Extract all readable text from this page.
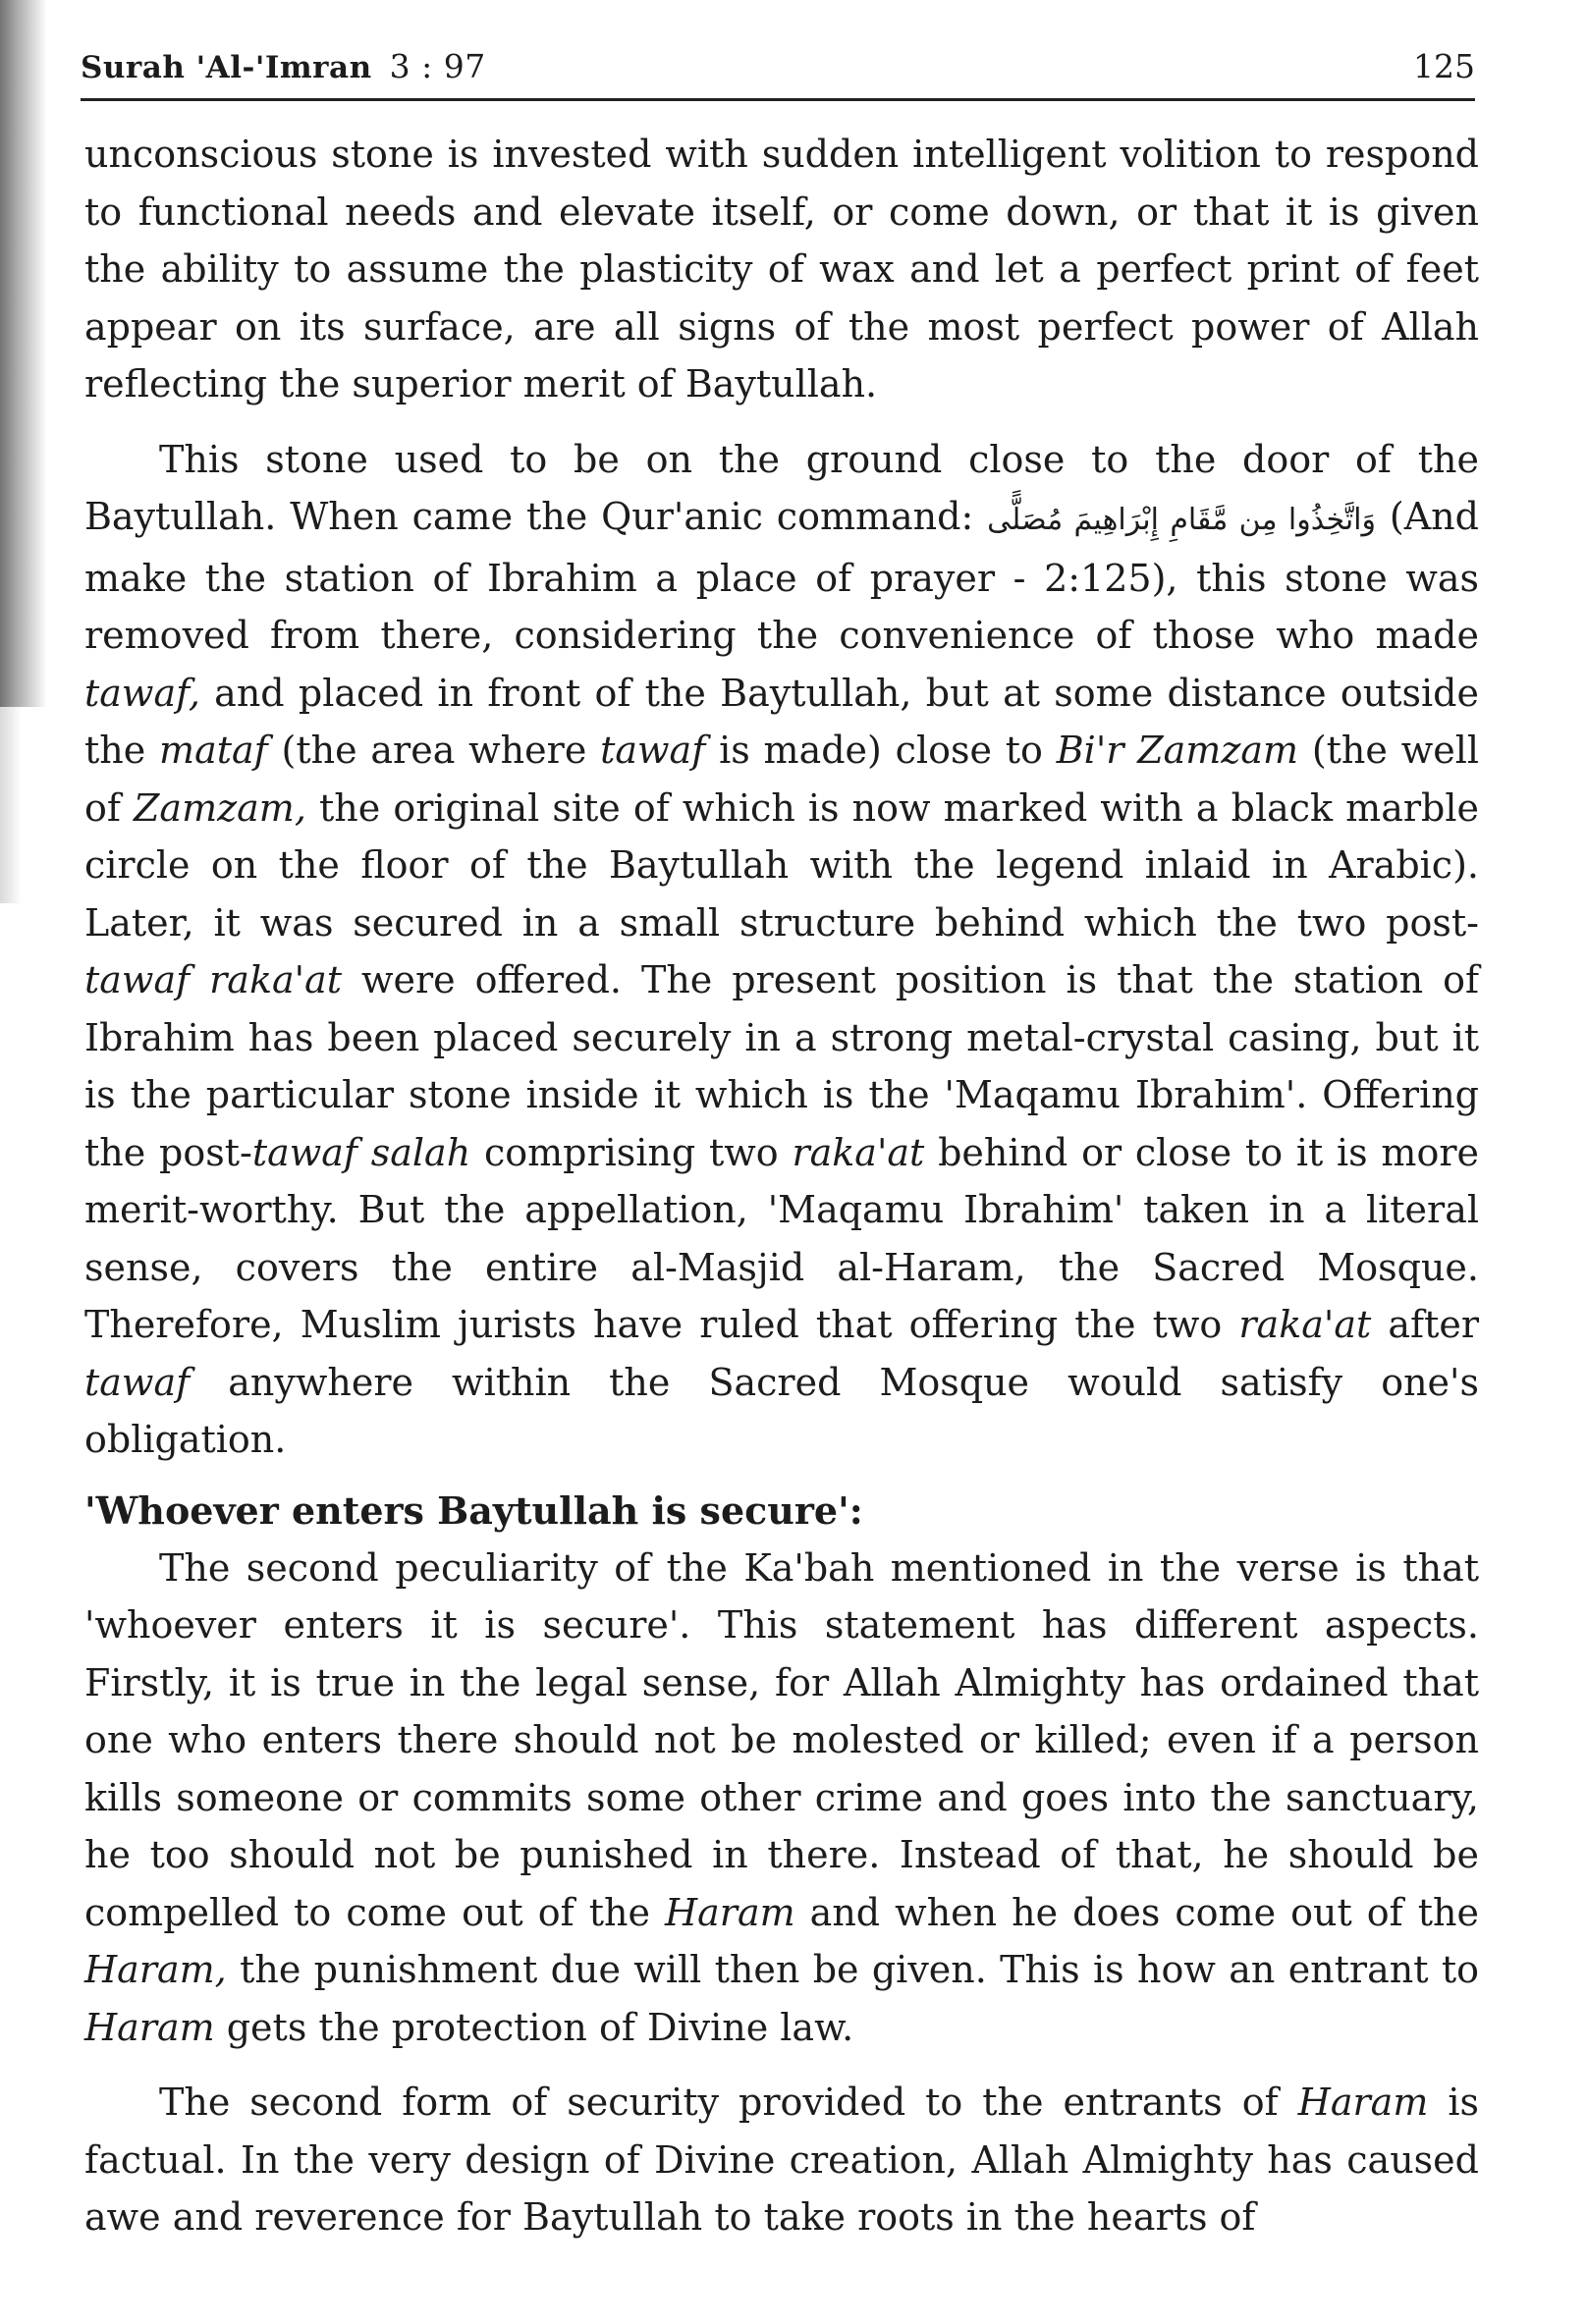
Surah 'Al-'Imran 3 : 97	125

unconscious stone is invested with sudden intelligent volition to respond to functional needs and elevate itself, or come down, or that it is given the ability to assume the plasticity of wax and let a perfect print of feet appear on its surface, are all signs of the most perfect power of Allah reflecting the superior merit of Baytullah.

This stone used to be on the ground close to the door of the Baytullah. When came the Qur'anic command: وَاتَّخِذُوا مِن مَّقَامِ إِبْرَاهِيمَ مُصَلًّى (And make the station of Ibrahim a place of prayer - 2:125), this stone was removed from there, considering the convenience of those who made tawaf, and placed in front of the Baytullah, but at some distance outside the mataf (the area where tawaf is made) close to Bi'r Zamzam (the well of Zamzam, the original site of which is now marked with a black marble circle on the floor of the Baytullah with the legend inlaid in Arabic). Later, it was secured in a small structure behind which the two post-tawaf raka'at were offered. The present position is that the station of Ibrahim has been placed securely in a strong metal-crystal casing, but it is the particular stone inside it which is the 'Maqamu Ibrahim'. Offering the post-tawaf salah comprising two raka'at behind or close to it is more merit-worthy. But the appellation, 'Maqamu Ibrahim' taken in a literal sense, covers the entire al-Masjid al-Haram, the Sacred Mosque. Therefore, Muslim jurists have ruled that offering the two raka'at after tawaf anywhere within the Sacred Mosque would satisfy one's obligation.

'Whoever enters Baytullah is secure':

The second peculiarity of the Ka'bah mentioned in the verse is that 'whoever enters it is secure'. This statement has different aspects. Firstly, it is true in the legal sense, for Allah Almighty has ordained that one who enters there should not be molested or killed; even if a person kills someone or commits some other crime and goes into the sanctuary, he too should not be punished in there. Instead of that, he should be compelled to come out of the Haram and when he does come out of the Haram, the punishment due will then be given. This is how an entrant to Haram gets the protection of Divine law.

The second form of security provided to the entrants of Haram is factual. In the very design of Divine creation, Allah Almighty has caused awe and reverence for Baytullah to take roots in the hearts of
